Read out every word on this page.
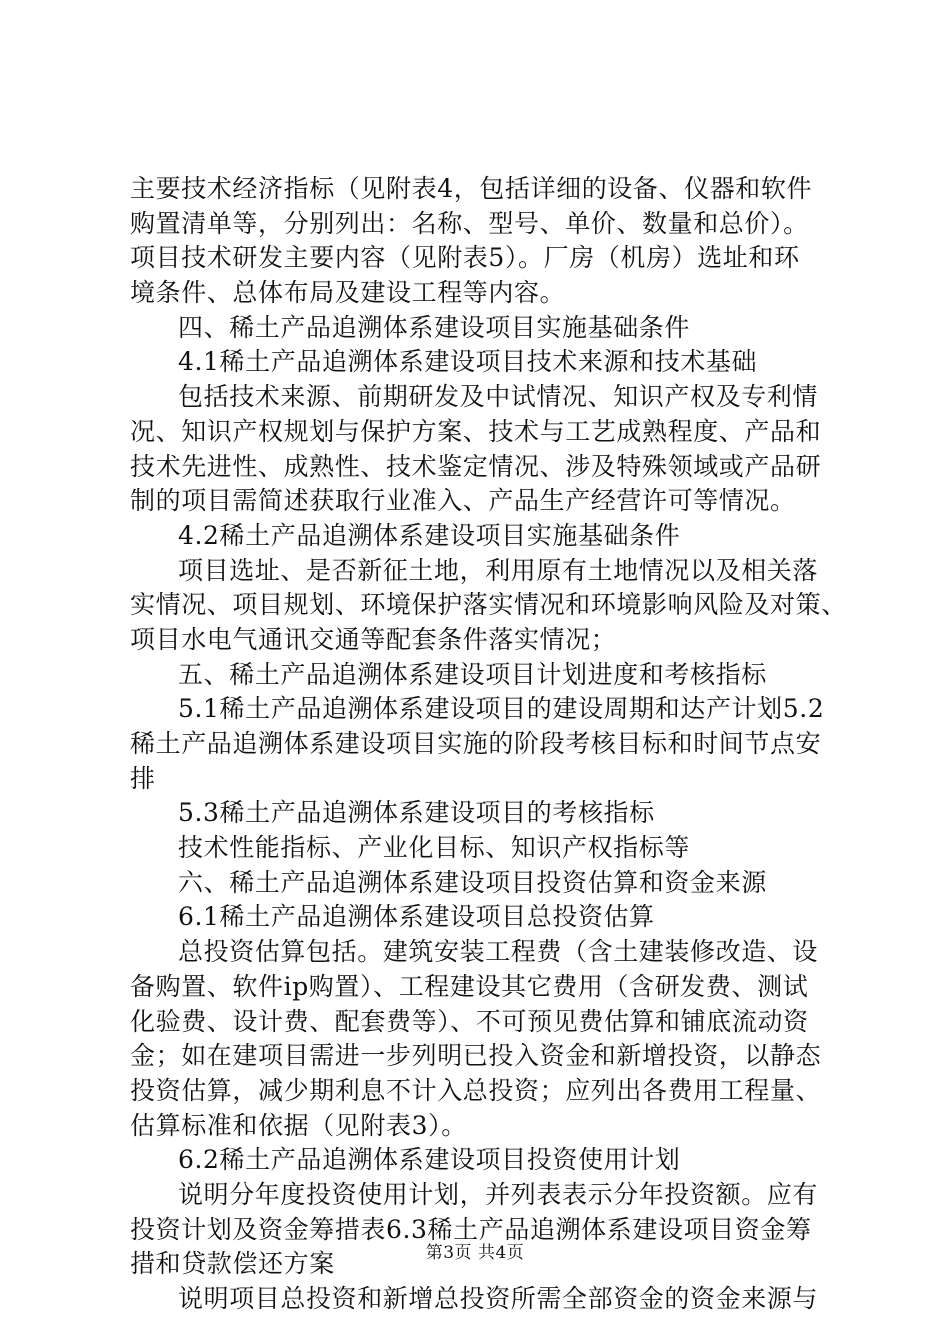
主要技术经济指标（见附表4，包括详细的设备、仪器和软件
购置清单等，分别列出：名称、型号、单价、数量和总价）。
项目技术研发主要内容（见附表5）。厂房（机房）选址和环
境条件、总体布局及建设工程等内容。
四、稀土产品追溯体系建设项目实施基础条件
4.1稀土产品追溯体系建设项目技术来源和技术基础
包括技术来源、前期研发及中试情况、知识产权及专利情
况、知识产权规划与保护方案、技术与工艺成熟程度、产品和
技术先进性、成熟性、技术鉴定情况、涉及特殊领域或产品研
制的项目需简述获取行业准入、产品生产经营许可等情况。
4.2稀土产品追溯体系建设项目实施基础条件
项目选址、是否新征土地，利用原有土地情况以及相关落
实情况、项目规划、环境保护落实情况和环境影响风险及对策、
项目水电气通讯交通等配套条件落实情况；
五、稀土产品追溯体系建设项目计划进度和考核指标
5.1稀土产品追溯体系建设项目的建设周期和达产计划5.2
稀土产品追溯体系建设项目实施的阶段考核目标和时间节点安
排
5.3稀土产品追溯体系建设项目的考核指标
技术性能指标、产业化目标、知识产权指标等
六、稀土产品追溯体系建设项目投资估算和资金来源
6.1稀土产品追溯体系建设项目总投资估算
总投资估算包括。建筑安装工程费（含土建装修改造、设
备购置、软件ip购置）、工程建设其它费用（含研发费、测试
化验费、设计费、配套费等）、不可预见费估算和铺底流动资
金；如在建项目需进一步列明已投入资金和新增投资，以静态
投资估算，减少期利息不计入总投资；应列出各费用工程量、
估算标准和依据（见附表3）。
6.2稀土产品追溯体系建设项目投资使用计划
说明分年度投资使用计划，并列表表示分年投资额。应有
投资计划及资金筹措表6.3稀土产品追溯体系建设项目资金筹
措和贷款偿还方案
说明项目总投资和新增总投资所需全部资金的资金来源与
第3页 共4页
